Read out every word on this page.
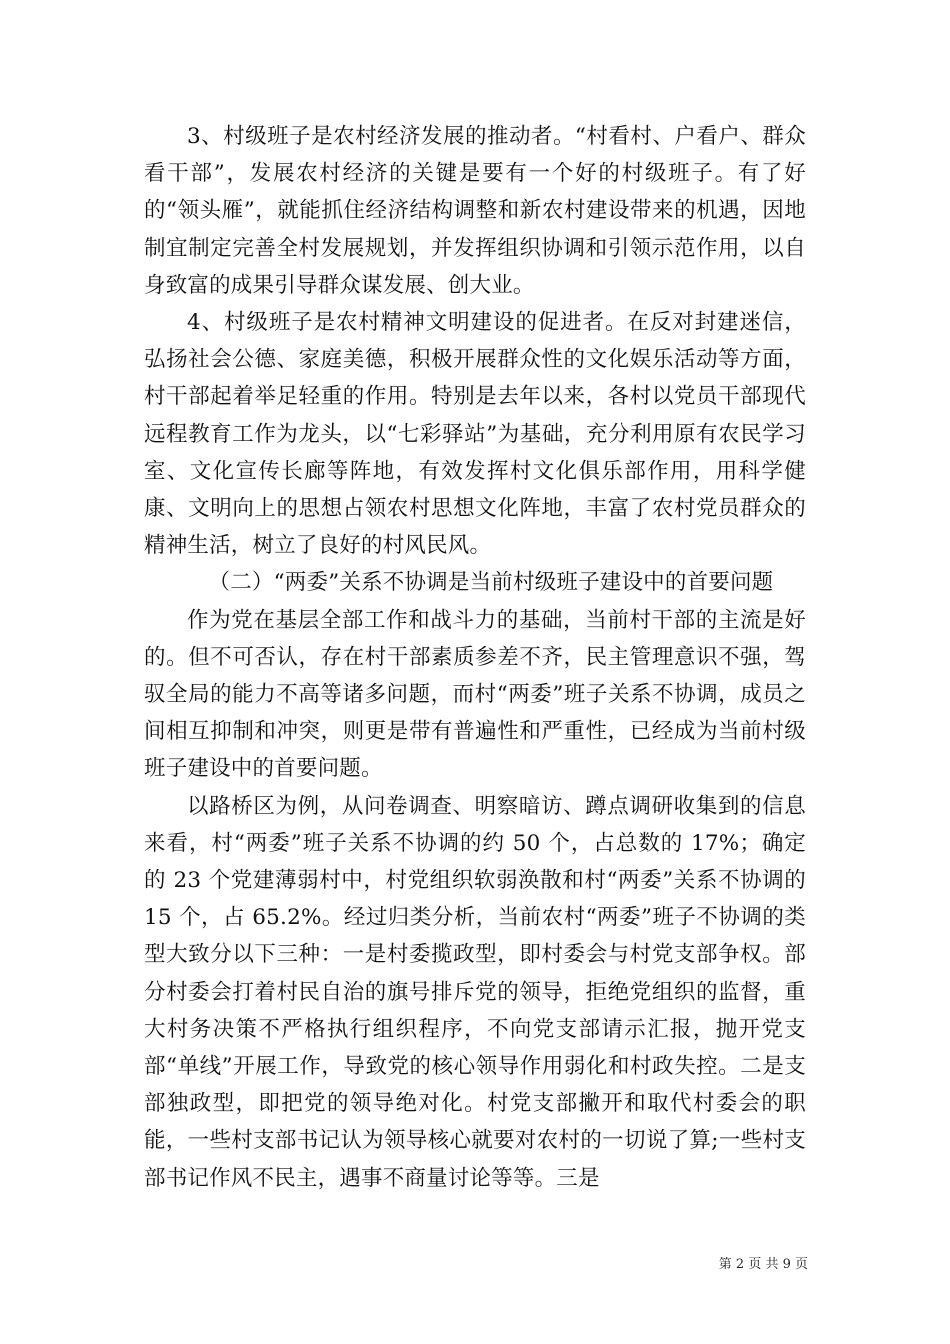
3、村级班子是农村经济发展的推动者。“村看村、户看户、群众看干部”，发展农村经济的关键是要有一个好的村级班子。有了好的“领头雁”，就能抓住经济结构调整和新农村建设带来的机遇，因地制宜制定完善全村发展规划，并发挥组织协调和引领示范作用，以自身致富的成果引导群众谋发展、创大业。

4、村级班子是农村精神文明建设的促进者。在反对封建迷信，弘扬社会公德、家庭美德，积极开展群众性的文化娱乐活动等方面，村干部起着举足轻重的作用。特别是去年以来，各村以党员干部现代远程教育工作为龙头，以“七彩驿站”为基础，充分利用原有农民学习室、文化宣传长廊等阵地，有效发挥村文化俱乐部作用，用科学健康、文明向上的思想占领农村思想文化阵地，丰富了农村党员群众的精神生活，树立了良好的村风民风。

（二）“两委”关系不协调是当前村级班子建设中的首要问题

作为党在基层全部工作和战斗力的基础，当前村干部的主流是好的。但不可否认，存在村干部素质参差不齐，民主管理意识不强，驾驭全局的能力不高等诸多问题，而村“两委”班子关系不协调，成员之间相互抑制和冲突，则更是带有普遍性和严重性，已经成为当前村级班子建设中的首要问题。

以路桥区为例，从问卷调查、明察暗访、蹲点调研收集到的信息来看，村“两委”班子关系不协调的约 50 个，占总数的 17%；确定的 23 个党建薄弱村中，村党组织软弱涣散和村“两委”关系不协调的 15 个，占 65.2%。经过归类分析，当前农村“两委”班子不协调的类型大致分以下三种：一是村委揽政型，即村委会与村党支部争权。部分村委会打着村民自治的旗号排斥党的领导，拒绝党组织的监督，重大村务决策不严格执行组织程序，不向党支部请示汇报，抛开党支部“单线”开展工作，导致党的核心领导作用弱化和村政失控。二是支部独政型，即把党的领导绝对化。村党支部撇开和取代村委会的职能，一些村支部书记认为领导核心就要对农村的一切说了算;一些村支部书记作风不民主，遇事不商量讨论等等。三是

第 2 页 共 9 页
